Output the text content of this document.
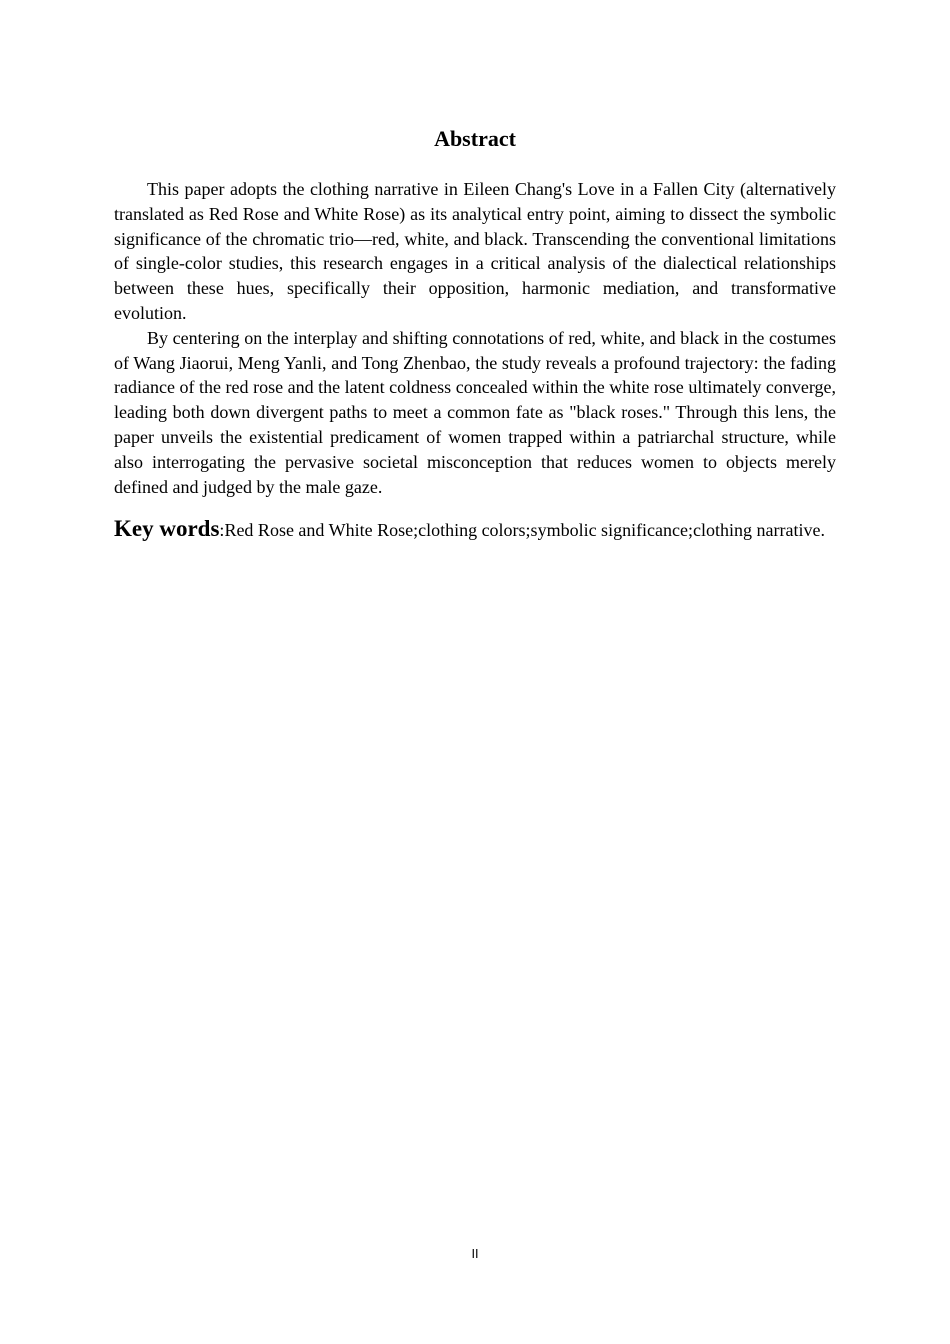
Abstract

This paper adopts the clothing narrative in Eileen Chang's Love in a Fallen City (alternatively translated as Red Rose and White Rose) as its analytical entry point, aiming to dissect the symbolic significance of the chromatic trio—red, white, and black. Transcending the conventional limitations of single-color studies, this research engages in a critical analysis of the dialectical relationships between these hues, specifically their opposition, harmonic mediation, and transformative evolution.

By centering on the interplay and shifting connotations of red, white, and black in the costumes of Wang Jiaorui, Meng Yanli, and Tong Zhenbao, the study reveals a profound trajectory: the fading radiance of the red rose and the latent coldness concealed within the white rose ultimately converge, leading both down divergent paths to meet a common fate as "black roses." Through this lens, the paper unveils the existential predicament of women trapped within a patriarchal structure, while also interrogating the pervasive societal misconception that reduces women to objects merely defined and judged by the male gaze.

Key words:Red Rose and White Rose;clothing colors;symbolic significance;clothing narrative.

II
